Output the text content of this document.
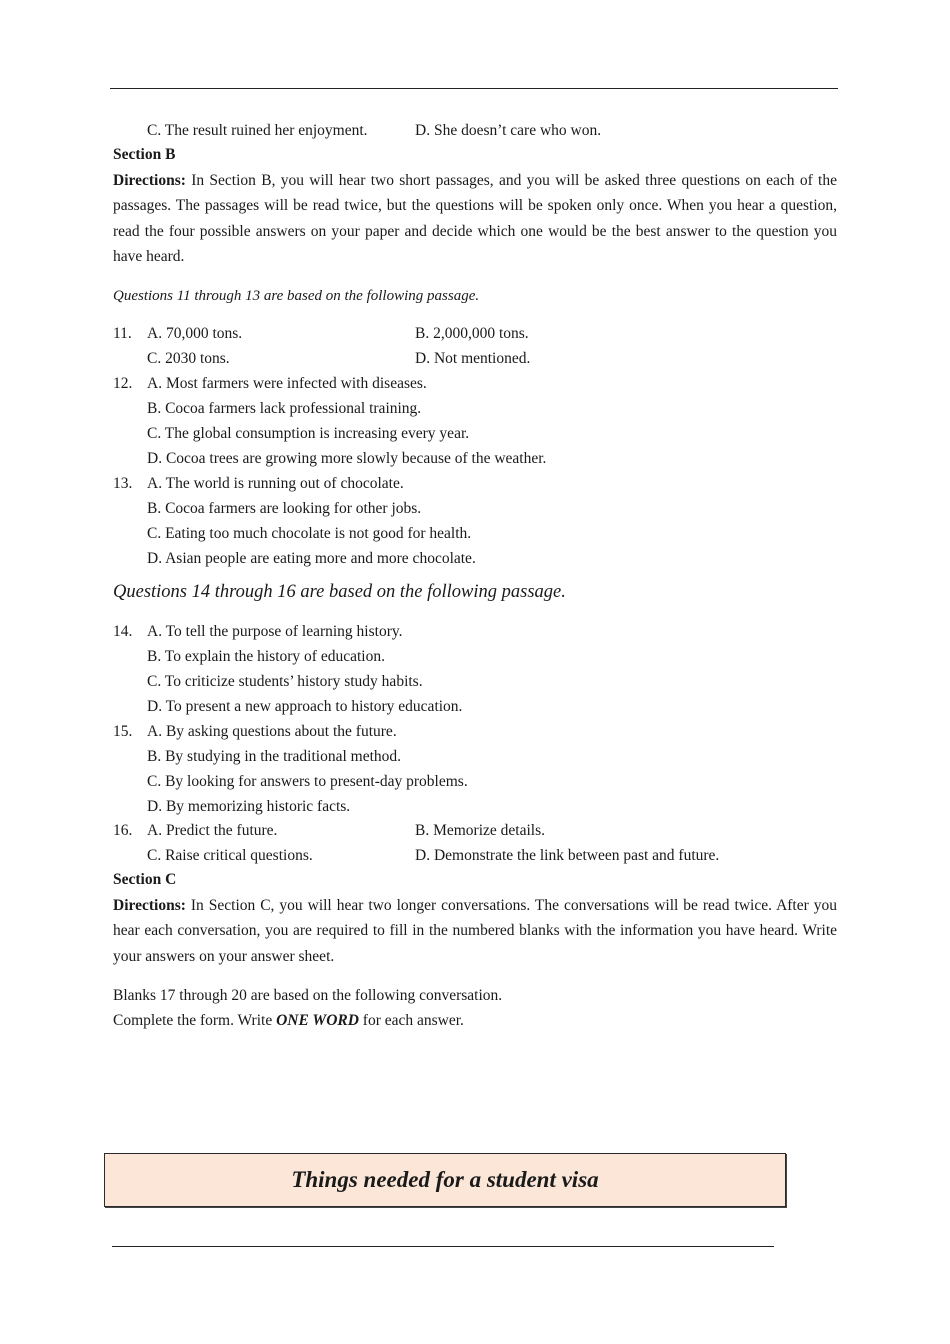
C. The result ruined her enjoyment.	D. She doesn’t care who won.
Section B

Directions: In Section B, you will hear two short passages, and you will be asked three questions on each of the passages. The passages will be read twice, but the questions will be spoken only once. When you hear a question, read the four possible answers on your paper and decide which one would be the best answer to the question you have heard.

Questions 11 through 13 are based on the following passage.
11. A. 70,000 tons.	B. 2,000,000 tons.
C. 2030 tons.	D. Not mentioned.
12. A. Most farmers were infected with diseases.
B. Cocoa farmers lack professional training.
C. The global consumption is increasing every year.
D. Cocoa trees are growing more slowly because of the weather.
13. A. The world is running out of chocolate.
B. Cocoa farmers are looking for other jobs.
C. Eating too much chocolate is not good for health.
D. Asian people are eating more and more chocolate.
Questions 14 through 16 are based on the following passage.
14. A. To tell the purpose of learning history.
B. To explain the history of education.
C. To criticize students’ history study habits.
D. To present a new approach to history education.
15. A. By asking questions about the future.
B. By studying in the traditional method.
C. By looking for answers to present-day problems.
D. By memorizing historic facts.
16. A. Predict the future.	B. Memorize details.
C. Raise critical questions.	D. Demonstrate the link between past and future.
Section C

Directions: In Section C, you will hear two longer conversations. The conversations will be read twice. After you hear each conversation, you are required to fill in the numbered blanks with the information you have heard. Write your answers on your answer sheet.

Blanks 17 through 20 are based on the following conversation.
Complete the form. Write ONE WORD for each answer.
Things needed for a student visa
